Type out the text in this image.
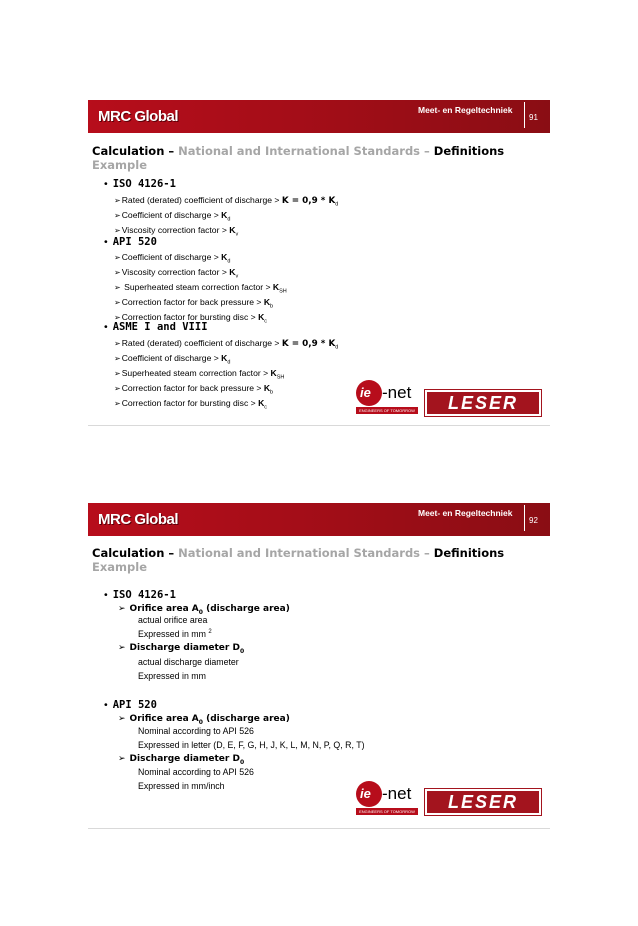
MRC Global	Meet- en Regeltechniek
91
Calculation – National and International Standards – Definitions
Example
• ISO 4126-1
➢Rated (derated) coefficient of discharge > $K = 0,9 * K_d$
➢Coefficient of discharge > $K_d$
➢Viscosity correction factor > $K_v$
• API 520
➢Coefficient of discharge > $K_d$
➢Viscosity correction factor > $K_v$
➢ Superheated steam correction factor > $K_{SH}$
➢Correction factor for back pressure > $K_b$
➢Correction factor for bursting disc > $K_c$
• ASME I and VIII
➢Rated (derated) coefficient of discharge > $K = 0,9 * K_d$
➢Coefficient of discharge > $K_d$
➢Superheated steam correction factor > $K_{SH}$
➢Correction factor for back pressure > $K_b$
➢Correction factor for bursting disc > $K_c$
ie -net
ENGINEERS OF TOMORROW	LESER
MRC Global	Meet- en Regeltechniek
92
Calculation – National and International Standards – Definitions
Example
• ISO 4126-1
➢ Orifice area $A_0$ (discharge area)
actual orifice area
Expressed in mm $^2$
➢ Discharge diameter $D_0$
actual discharge diameter
Expressed in mm
• API 520
➢ Orifice area $A_0$ (discharge area)
Nominal according to API 526
Expressed in letter (D, E, F, G, H, J, K, L, M, N, P, Q, R, T)
➢ Discharge diameter $D_0$
Nominal according to API 526
Expressed in mm/inch	ie -net
ENGINEERS OF TOMORROW	LESER
